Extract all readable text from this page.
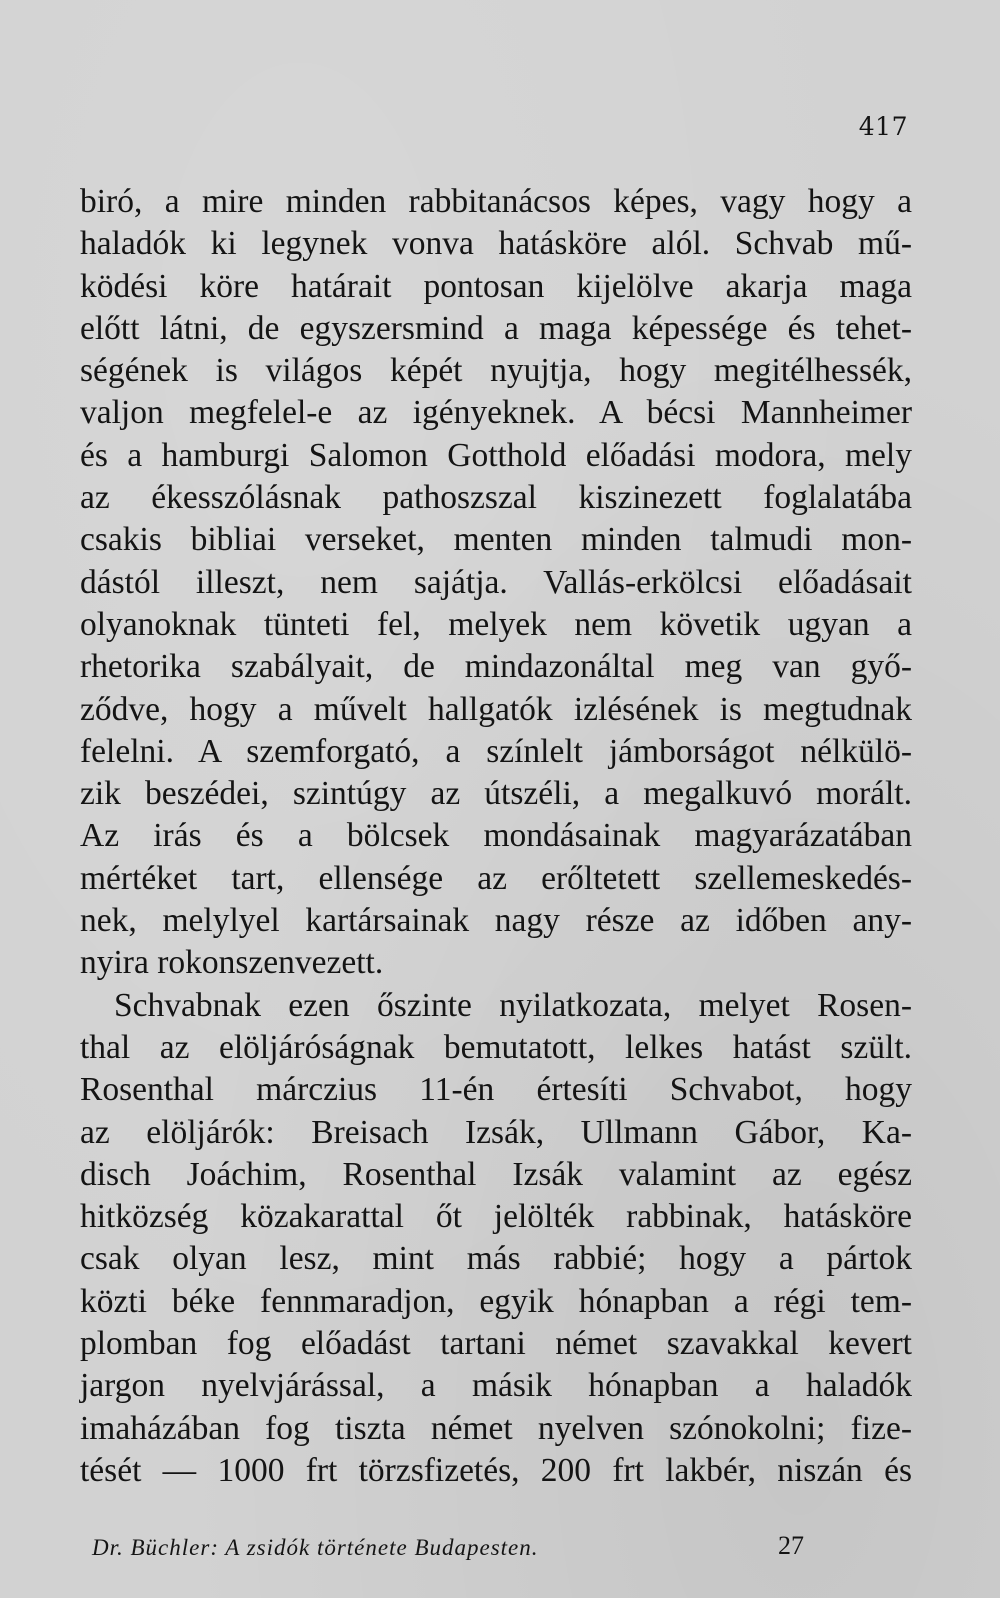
417
biró, a mire minden rabbitanácsos képes, vagy hogy a
haladók ki legynek vonva hatásköre alól. Schvab mű-
ködési köre határait pontosan kijelölve akarja maga
előtt látni, de egyszersmind a maga képessége és tehet-
ségének is világos képét nyujtja, hogy megitélhessék,
valjon megfelel-e az igényeknek. A bécsi Mannheimer
és a hamburgi Salomon Gotthold előadási modora, mely
az ékesszólásnak pathoszszal kiszinezett foglalatába
csakis bibliai verseket, menten minden talmudi mon-
dástól illeszt, nem sajátja. Vallás-erkölcsi előadásait
olyanoknak tünteti fel, melyek nem követik ugyan a
rhetorika szabályait, de mindazonáltal meg van győ-
ződve, hogy a művelt hallgatók izlésének is megtudnak
felelni. A szemforgató, a színlelt jámborságot nélkülö-
zik beszédei, szintúgy az útszéli, a megalkuvó morált.
Az irás és a bölcsek mondásainak magyarázatában
mértéket tart, ellensége az erőltetett szellemeskedés-
nek, melylyel kartársainak nagy része az időben any-
nyira rokonszenvezett.
Schvabnak ezen őszinte nyilatkozata, melyet Rosen-
thal az elöljáróságnak bemutatott, lelkes hatást szült.
Rosenthal márczius 11-én értesíti Schvabot, hogy
az elöljárók: Breisach Izsák, Ullmann Gábor, Ka-
disch Joáchim, Rosenthal Izsák valamint az egész
hitközség közakarattal őt jelölték rabbinak, hatásköre
csak olyan lesz, mint más rabbié; hogy a pártok
közti béke fennmaradjon, egyik hónapban a régi tem-
plomban fog előadást tartani német szavakkal kevert
jargon nyelvjárással, a másik hónapban a haladók
imaházában fog tiszta német nyelven szónokolni; fize-
tését — 1000 frt törzsfizetés, 200 frt lakbér, niszán és
Dr. Büchler: A zsidók története Budapesten.	27
